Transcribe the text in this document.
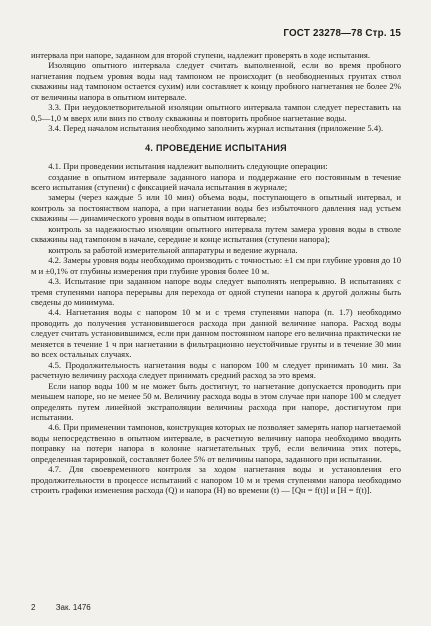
ГОСТ 23278—78 Стр. 15

интервала при напоре, заданном для второй ступени, надлежит проверять в ходе испытания.

Изоляцию опытного интервала следует считать выполненной, если во время пробного нагнетания подъем уровня воды над тампоном не происходит (в необводненных грунтах ствол скважины над тампоном остается сухим) или составляет к концу пробного нагнетания не более 2% от величины напора в опытном интервале.

3.3. При неудовлетворительной изоляции опытного интервала тампон следует переставить на 0,5—1,0 м вверх или вниз по стволу скважины и повторить пробное нагнетание воды.

3.4. Перед началом испытания необходимо заполнить журнал испытания (приложение 5.4).

4. ПРОВЕДЕНИЕ ИСПЫТАНИЯ

4.1. При проведении испытания надлежит выполнить следующие операции:

создание в опытном интервале заданного напора и поддержание его постоянным в течение всего испытания (ступени) с фиксацией начала испытания в журнале;

замеры (через каждые 5 или 10 мин) объема воды, поступающего в опытный интервал, и контроль за постоянством напора, а при нагнетании воды без избыточного давления над устьем скважины — динамического уровня воды в опытном интервале;

контроль за надежностью изоляции опытного интервала путем замера уровня воды в стволе скважины над тампоном в начале, середине и конце испытания (ступени напора);

контроль за работой измерительной аппаратуры и ведение журнала.

4.2. Замеры уровня воды необходимо производить с точностью: ±1 см при глубине уровня до 10 м и ±0,1% от глубины измерения при глубине уровня более 10 м.

4.3. Испытание при заданном напоре воды следует выполнять непрерывно. В испытаниях с тремя ступенями напора перерывы для перехода от одной ступени напора к другой должны быть сведены до минимума.

4.4. Нагнетания воды с напором 10 м и с тремя ступенями напора (п. 1.7) необходимо проводить до получения установившегося расхода при данной величине напора. Расход воды следует считать установившимся, если при данном постоянном напоре его величина практически не меняется в течение 1 ч при нагнетании в фильтрационно неустойчивые грунты и в течение 30 мин во всех остальных случаях.

4.5. Продолжительность нагнетания воды с напором 100 м следует принимать 10 мин. За расчетную величину расхода следует принимать средний расход за это время.

Если напор воды 100 м не может быть достигнут, то нагнетание допускается проводить при меньшем напоре, но не менее 50 м. Величину расхода воды в этом случае при напоре 100 м следует определять путем линейной экстраполяции величины расхода при напоре, достигнутом при испытании.

4.6. При применении тампонов, конструкция которых не позволяет замерять напор нагнетаемой воды непосредственно в опытном интервале, в расчетную величину напора необходимо вводить поправку на потери напора в колонне нагнетательных труб, если величина этих потерь, определенная тарировкой, составляет более 5% от величины напора, заданного при испытании.

4.7. Для своевременного контроля за ходом нагнетания воды и установления его продолжительности в процессе испытаний с напором 10 м и тремя ступенями напора необходимо строить графики изменения расхода (Q) и напора (H) во времени (t) — [Qн = f(t)] и [H = f(t)].

2	Зак. 1476
